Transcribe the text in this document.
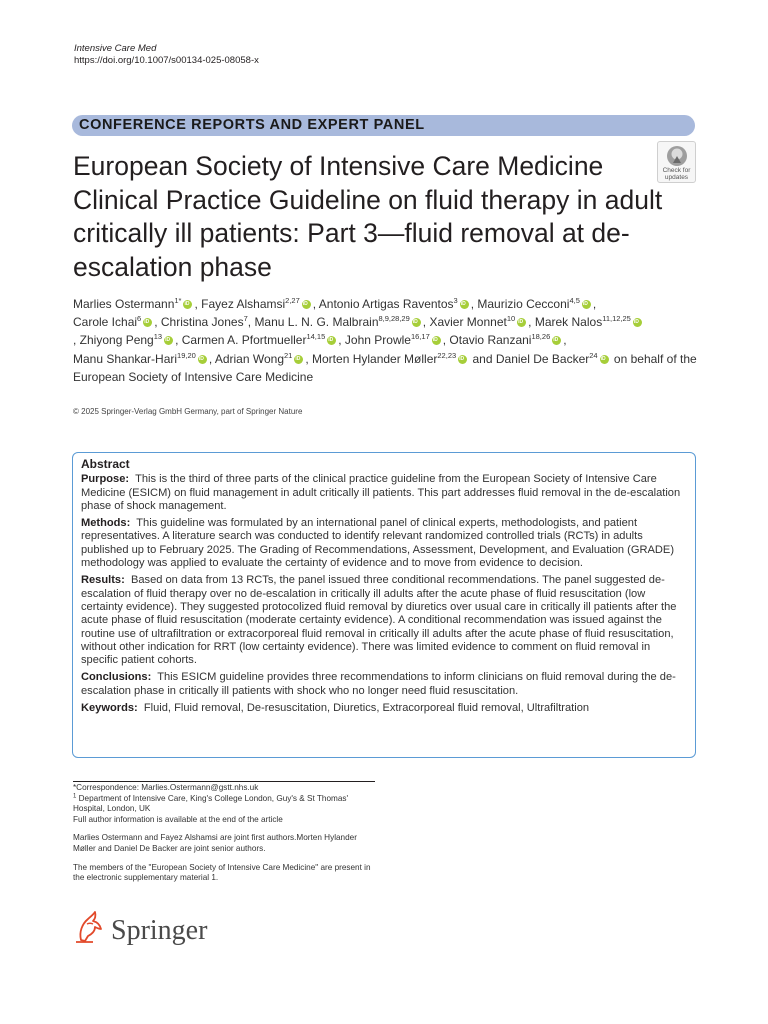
Intensive Care Med
https://doi.org/10.1007/s00134-025-08058-x
CONFERENCE REPORTS AND EXPERT PANEL
European Society of Intensive Care Medicine Clinical Practice Guideline on fluid therapy in adult critically ill patients: Part 3—fluid removal at de-escalation phase
Check for
updates
Marlies Ostermann$^{1*}$ iD , Fayez Alshamsi$^{2,27}$ iD , Antonio Artigas Raventos$^3$ iD , Maurizio Cecconi$^{4,5}$ iD ,
Carole Ichai$^6$ iD , Christina Jones$^7$, Manu L. N. G. Malbrain$^{8,9,28,29}$ iD , Xavier Monnet$^{10}$ iD , Marek Nalos$^{11,12,25}$iD
, Zhiyong Peng$^{13}$ iD , Carmen A. Pfortmueller$^{14,15}$ iD , John Prowle$^{16,17}$ iD , Otavio Ranzani$^{18,26}$ iD ,
Manu Shankar-Hari$^{19,20}$ iD , Adrian Wong$^{21}$ iD , Morten Hylander Møller$^{22,23}$iD and Daniel De Backer$^{24}$iD on behalf of the European Society of Intensive Care Medicine
© 2025 Springer-Verlag GmbH Germany, part of Springer Nature
Abstract

Purpose: This is the third of three parts of the clinical practice guideline from the European Society of Intensive Care Medicine (ESICM) on fluid management in adult critically ill patients. This part addresses fluid removal in the de-escalation phase of shock management.

Methods: This guideline was formulated by an international panel of clinical experts, methodologists, and patient representatives. A literature search was conducted to identify relevant randomized controlled trials (RCTs) in adults published up to February 2025. The Grading of Recommendations, Assessment, Development, and Evaluation (GRADE) methodology was applied to evaluate the certainty of evidence and to move from evidence to decision.

Results: Based on data from 13 RCTs, the panel issued three conditional recommendations. The panel suggested de-escalation of fluid therapy over no de-escalation in critically ill adults after the acute phase of fluid resuscitation (low certainty evidence). They suggested protocolized fluid removal by diuretics over usual care in critically ill patients after the acute phase of fluid resuscitation (moderate certainty evidence). A conditional recommendation was issued against the routine use of ultrafiltration or extracorporeal fluid removal in critically ill adults after the acute phase of fluid resuscitation, without other indication for RRT (low certainty evidence). There was limited evidence to comment on fluid removal in specific patient cohorts.

Conclusions: This ESICM guideline provides three recommendations to inform clinicians on fluid removal during the de-escalation phase in critically ill patients with shock who no longer need fluid resuscitation.

Keywords: Fluid, Fluid removal, De-resuscitation, Diuretics, Extracorporeal fluid removal, Ultrafiltration

*Correspondence: Marlies.Ostermann@gstt.nhs.uk

$^1$ Department of Intensive Care, King's College London, Guy's & St Thomas' Hospital, London, UK

Full author information is available at the end of the article

Marlies Ostermann and Fayez Alshamsi are joint first authors.Morten Hylander Møller and Daniel De Backer are joint senior authors.

The members of the "European Society of Intensive Care Medicine" are present in the electronic supplementary material 1.

Springer
